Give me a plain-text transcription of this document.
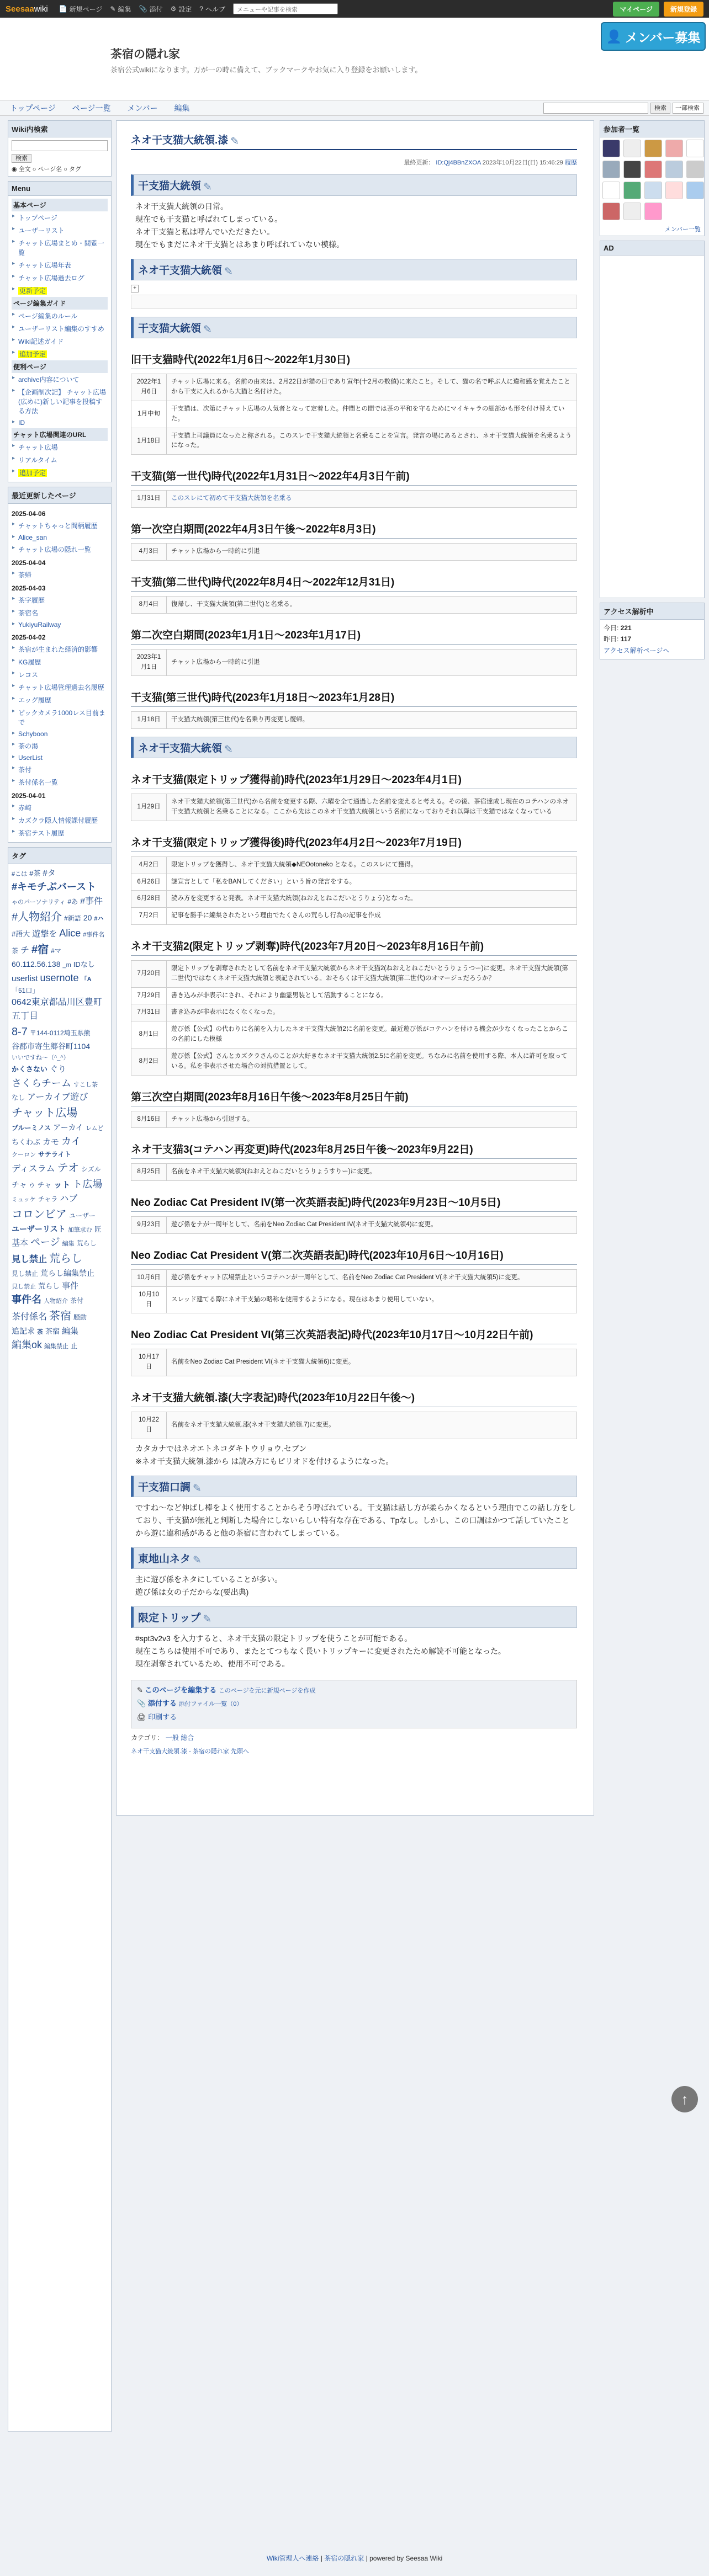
Seesaawiki 📄 新規ページ ✎ 編集 📎 添付 ⚙ 設定 ? ヘルプ	メニューや記事を検索	マイページ	新規登録
茶宿の隠れ家
茶宿公式wikiになります。万が一の時に備えて、ブックマークやお気に入り登録をお願いします。
👤 メンバー募集
トップページ ページ一覧 メンバー 編集	検索	一部検索
Wiki内検索
検索
◉ 全文 ○ ページ名 ○ タグ
Menu
基本ページ
▸ トップページ
▸ ユーザーリスト
▸ チャット広場まとめ・閲覧一覧
▸ チャット広場年表
▸ チャット広場過去ログ
▸ 更新予定
ページ編集ガイド
▸ ページ編集のルール
▸ ユーザーリスト編集のすすめ
▸ Wiki記述ガイド
▸ 追加予定
便利ページ
▸ archive内容について
▸ 【企画制次記】 チャット広場(広めに)新しい記事を投稿する方法
▸ ID
チャット広場関連のURL
▸ チャット広場
▸ リアルタイム
▸ 追加予定
最近更新したページ
2025-04-06
▸ チャットちゃっと間柄履歴
▸ Alice_san
▸ チャット広場の隠れ一覧
2025-04-04
▸ 茶帰
2025-04-03
▸ 茶字履歴
▸ 茶宿名
▸ YukiyuRailway
2025-04-02
▸ 茶宿が生まれた経済的影響
▸ KG履歴
▸ レコス
▸ チャット広場管理過去名履歴
▸ エッグ履歴
▸ ピックカメラ1000レス目前まで
▸ Schyboon
▸ 茶の湯
▸ UserList
▸ 茶付
▸ 茶付係名一覧
2025-04-01
▸ 赤崎
▸ カズクラ隠人情報課付履歴
▸ 茶宿テスト履歴
タグ
#こは #茶 #タ#キモチぶバーストゃのパーソナリティ #あ #事件#人物紹介 #新語 20 #ハ#語大 遊撃を Alice #事件名茶 チ #宿 #マ60.112.56.138 _m IDなしuserlist usernote 「A「51口」0642東京都品川区豊町五丁目8-7 〒144-0112埼玉県熊谷郡市寄生郷谷町1104いいですね〜（^_^）かくさない ぐりさくらチーム すこし茶なし アーカイブ遊びチャット広場ブルーミノス アーカイ レムどちくわぶ カモ カイクーロン サテライトディスラム テオ シズルチャ ウ チャ ット ト広場ミュッケ チャラ ハブコロンビア ユーザーユーザーリスト 加筆求む 匠基本 ページ 編集 荒らし見し禁止 荒らし見し禁止 荒らし編集禁止見し禁止 荒らし 事件事件名 人物紹介 茶付茶付係名 茶宿 騒動追記求 茶 茶宿 編集編集ok 編集禁止 止
ネオ干支猫大統領.漆 ✎
最終更新： ID:Qj4BBnZXOA 2023年10月22日(日) 15:46:29 履歴
干支猫大統領 ✎
ネオ干支猫大統領の日常。
現在でも干支猫と呼ばれてしまっている。
ネオ干支猫と私は呼んでいただきたい。
現在でもまだにネオ干支猫とはあまり呼ばれていない模様。
ネオ干支猫大統領 ✎
+
干支猫大統領 ✎
旧干支猫時代(2022年1月6日〜2022年1月30日)
2022年1月6日	チャット広場に来る。名前の由来は、2月22日が猫の日であり寅年(十2月の数値)に来たこと。そして、猫の名で呼ぶ人に違和感を覚えたことから干支に入れるから大猫と名付けた。
1月中旬	干支猫は、次第にチャット広場の人気者となって定着した。仲間との間では茶の平和を守るためにマイキャラの細部かも形を付け替えていた。
1月18日	干支猫上司議員になったと称される。このスレで干支猫大統領と名乗ることを宣言。発言の場にあるとされ、ネオ干支猫大統領を名乗るようになった。
干支猫(第一世代)時代(2022年1月31日〜2022年4月3日午前)
1月31日	このスレにて初めて干支猫大統領を名乗る
第一次空白期間(2022年4月3日午後〜2022年8月3日)
4月3日	チャット広場から一時的に引退
干支猫(第二世代)時代(2022年8月4日〜2022年12月31日)
8月4日	復帰し、干支猫大統領(第二世代)と名乗る。
第二次空白期間(2023年1月1日〜2023年1月17日)
2023年1月1日	チャット広場から一時的に引退
干支猫(第三世代)時代(2023年1月18日〜2023年1月28日)
1月18日	干支猫大統領(第三世代)を名乗り再変更し復帰。
ネオ干支猫大統領 ✎
ネオ干支猫(限定トリップ獲得前)時代(2023年1月29日〜2023年4月1日)
1月29日	ネオ干支猫大統領(第三世代)から名前を変更する際、六曜を全て通過した名前を変えると考える。その後、茶宿達成し現在のコテハンのネオ干支猫大統領と名乗ることになる。ここから先はこのネオ干支猫大統領という名前になっておりそれ以降は干支猫ではなくなっている
ネオ干支猫(限定トリップ獲得後)時代(2023年4月2日〜2023年7月19日)
4月2日	限定トリップを獲得し、ネオ干支猫大統領◆NEOotoneko となる。このスレにて獲得。
6月26日	謎宣言として「私をBANしてください」という旨の発言をする。
6月28日	読み方を変更すると発表。ネオ干支猫大統領(ねおえとねこだいとうりょう)となった。
7月2日	記事を勝手に編集されたという理由でたくさんの荒らし行為の記事を作成
ネオ干支猫2(限定トリップ剥奪)時代(2023年7月20日〜2023年8月16日午前)
7月20日	限定トリップを剥奪されたとして名前をネオ干支猫大統領からネオ干支猫2(ねおえとねこだいとうりょうつー)に変更。ネオ干支猫大統領(第二世代)ではなくネオ干支猫大統領と表記されている。おそらくは干支猫大統領(第二世代)のオマージュだろうか？
7月29日	書き込みが非表示にされ、それにより幽霊男装として活動することになる。
7月31日	書き込みが非表示になくなくなった。
8月1日	遊び係【公式】の代わりに名前を入力したネオ干支猫大統領2に名前を変更。最近遊び係がコテハンを付ける機会が少なくなったことからこの名前にした模様
8月2日	遊び係【公式】さんとカズクラさんのことが大好きなネオ干支猫大統領2.5に名前を変更。ちなみに名前を使用する際、本人に許可を取っている。私を非表示させた場合の対抗措置として。
第三次空白期間(2023年8月16日午後〜2023年8月25日午前)
8月16日	チャット広場から引退する。
ネオ干支猫3(コテハン再変更)時代(2023年8月25日午後〜2023年9月22日)
8月25日	名前をネオ干支猫大統領3(ねおえとねこだいとうりょうすりー)に変更。
Neo Zodiac Cat President IV(第一次英語表記)時代(2023年9月23日〜10月5日)
9月23日	遊び係をナが一周年として、名前をNeo Zodiac Cat President IV(ネオ干支猫大統領4)に変更。
Neo Zodiac Cat President V(第二次英語表記)時代(2023年10月6日〜10月16日)
10月6日	遊び係をチャット広場禁止というコテハンが一周年として、名前をNeo Zodiac Cat President V(ネオ干支猫大統領5)に変更。
10月10日	スレッド建てる際にネオ干支猫の略称を使用するようになる。現在はあまり使用していない。
Neo Zodiac Cat President VI(第三次英語表記)時代(2023年10月17日〜10月22日午前)
10月17日	名前をNeo Zodiac Cat President VI(ネオ干支猫大統領6)に変更。
ネオ干支猫大統領.漆(大字表記)時代(2023年10月22日午後〜)
10月22日	名前をネオ干支猫大統領.漆(ネオ干支猫大統領.7)に変更。
カタカナではネオエトネコダキトウリョウ.セブン
※ネオ干支猫大統領.漆から は読み方にもピリオドを付けるようになった。
干支猫口調 ✎
ですね〜など伸ばし棒をよく使用することからそう呼ばれている。干支猫は話し方が柔らかくなるという理由でこの話し方をしており、干支猫が無礼と判断した場合にしないらしい特有な存在である、Tpなし。しかし、この口調はかつて話していたことから遊に違和感があると他の茶宿に言われてしまっている。
東地山ネタ ✎
主に遊び係をネタにしていることが多い。
遊び係は女の子だからな(要出典)
限定トリップ ✎
#spt3v2v3 を入力すると、ネオ干支猫の限定トリップを使うことが可能である。
現在こちらは使用不可であり、またとてつもなく長いトリップキーに変更されたため解読不可能となった。
現在剥奪されているため、使用不可である。
✎ このページを編集する このページを元に新規ページを作成
📎 添付する 添付ファイル一覧（0）
🖨 印刷する
カテゴリ： 一般 総合
ネオ干支猫大統領.漆 - 茶宿の隠れ家 先頭へ
参加者一覧
メンバー一覧
AD
アクセス解析中
今日: 221
昨日: 117
アクセス解析ページへ
↑
Wiki管理人へ連絡 | 茶宿の隠れ家 | powered by Seesaa Wiki
